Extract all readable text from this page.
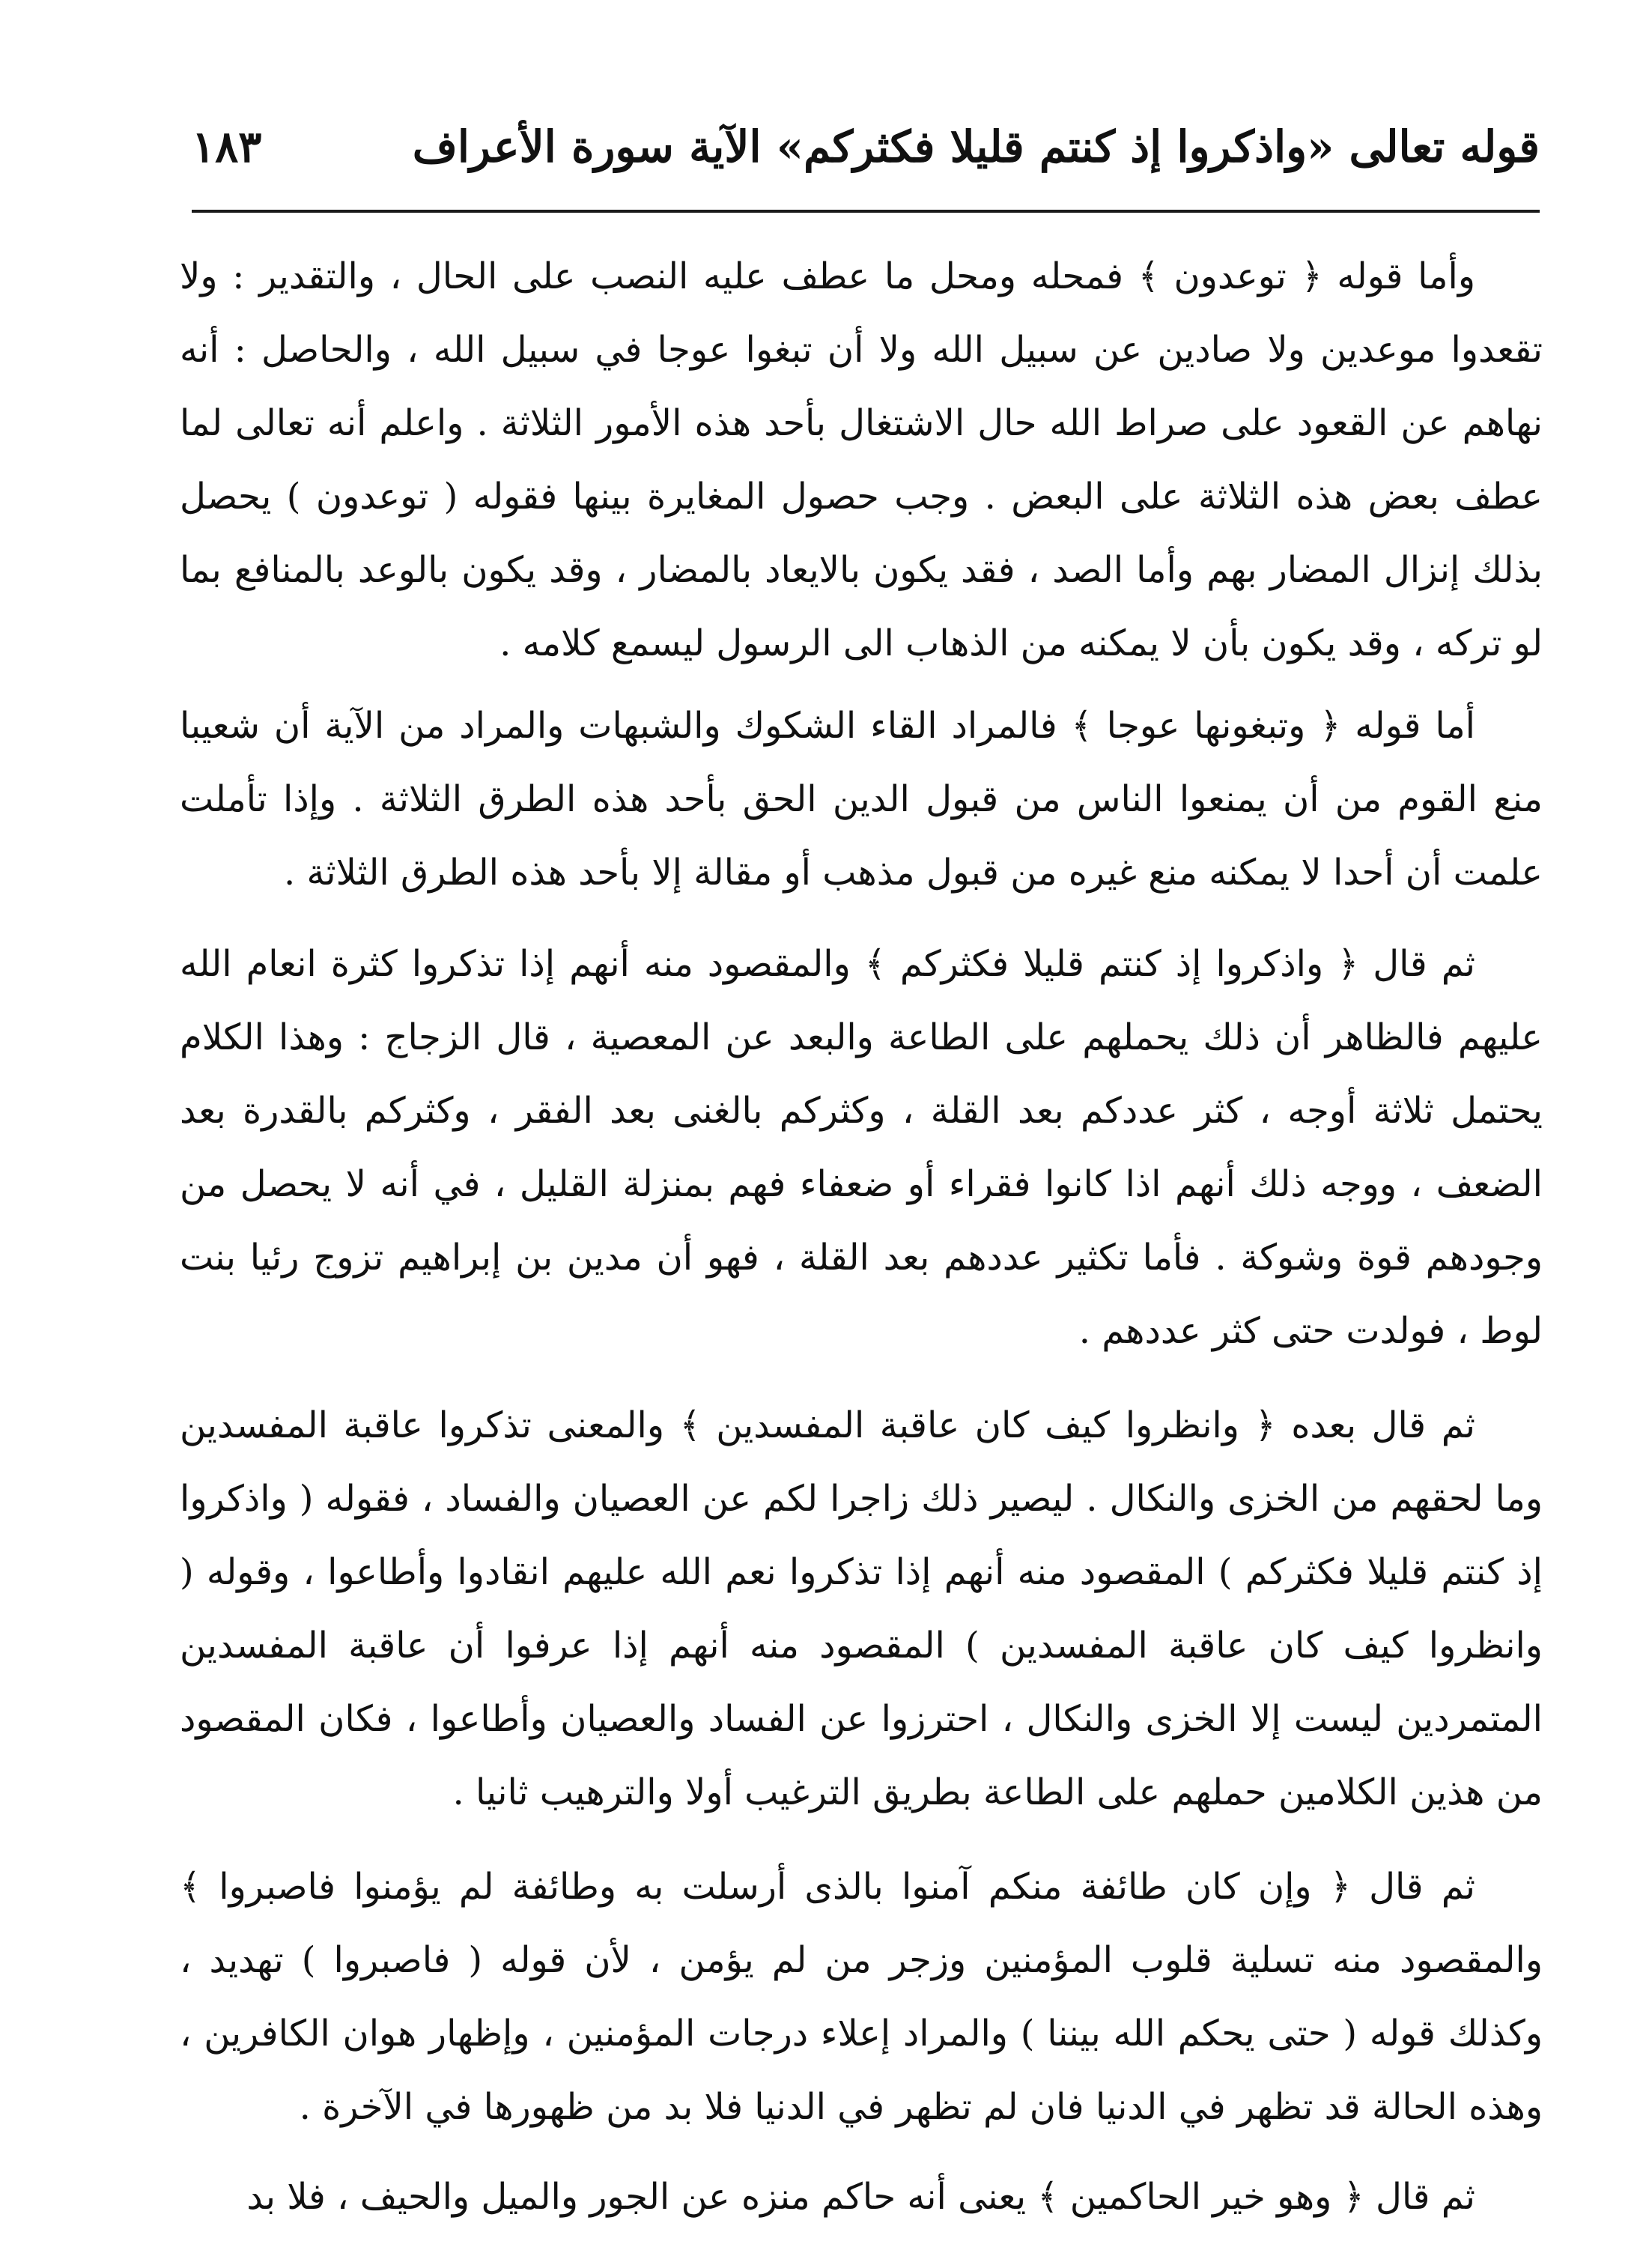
قوله تعالى «واذكروا إذ كنتم قليلا فكثركم» الآية سورة الأعراف
١٨٣

وأما قوله ﴿ توعدون ﴾ فمحله ومحل ما عطف عليه النصب على الحال ، والتقدير : ولا تقعدوا موعدين ولا صادين عن سبيل الله ولا أن تبغوا عوجا في سبيل الله ، والحاصل : أنه نهاهم عن القعود على صراط الله حال الاشتغال بأحد هذه الأمور الثلاثة . واعلم أنه تعالى لما عطف بعض هذه الثلاثة على البعض . وجب حصول المغايرة بينها فقوله ( توعدون ) يحصل بذلك إنزال المضار بهم وأما الصد ، فقد يكون بالايعاد بالمضار ، وقد يكون بالوعد بالمنافع بما لو تركه ، وقد يكون بأن لا يمكنه من الذهاب الى الرسول ليسمع كلامه .

أما قوله ﴿ وتبغونها عوجا ﴾ فالمراد القاء الشكوك والشبهات والمراد من الآية أن شعيبا منع القوم من أن يمنعوا الناس من قبول الدين الحق بأحد هذه الطرق الثلاثة . وإذا تأملت علمت أن أحدا لا يمكنه منع غيره من قبول مذهب أو مقالة إلا بأحد هذه الطرق الثلاثة .

ثم قال ﴿ واذكروا إذ كنتم قليلا فكثركم ﴾ والمقصود منه أنهم إذا تذكروا كثرة انعام الله عليهم فالظاهر أن ذلك يحملهم على الطاعة والبعد عن المعصية ، قال الزجاج : وهذا الكلام يحتمل ثلاثة أوجه ، كثر عددكم بعد القلة ، وكثركم بالغنى بعد الفقر ، وكثركم بالقدرة بعد الضعف ، ووجه ذلك أنهم اذا كانوا فقراء أو ضعفاء فهم بمنزلة القليل ، في أنه لا يحصل من وجودهم قوة وشوكة . فأما تكثير عددهم بعد القلة ، فهو أن مدين بن إبراهيم تزوج رئيا بنت لوط ، فولدت حتى كثر عددهم .

ثم قال بعده ﴿ وانظروا كيف كان عاقبة المفسدين ﴾ والمعنى تذكروا عاقبة المفسدين وما لحقهم من الخزى والنكال . ليصير ذلك زاجرا لكم عن العصيان والفساد ، فقوله ( واذكروا إذ كنتم قليلا فكثركم ) المقصود منه أنهم إذا تذكروا نعم الله عليهم انقادوا وأطاعوا ، وقوله ( وانظروا كيف كان عاقبة المفسدين ) المقصود منه أنهم إذا عرفوا أن عاقبة المفسدين المتمردين ليست إلا الخزى والنكال ، احترزوا عن الفساد والعصيان وأطاعوا ، فكان المقصود من هذين الكلامين حملهم على الطاعة بطريق الترغيب أولا والترهيب ثانيا .

ثم قال ﴿ وإن كان طائفة منكم آمنوا بالذى أرسلت به وطائفة لم يؤمنوا فاصبروا ﴾ والمقصود منه تسلية قلوب المؤمنين وزجر من لم يؤمن ، لأن قوله ( فاصبروا ) تهديد ، وكذلك قوله ( حتى يحكم الله بيننا ) والمراد إعلاء درجات المؤمنين ، وإظهار هوان الكافرين ، وهذه الحالة قد تظهر في الدنيا فان لم تظهر في الدنيا فلا بد من ظهورها في الآخرة .

ثم قال ﴿ وهو خير الحاكمين ﴾ يعنى أنه حاكم منزه عن الجور والميل والحيف ، فلا بد
